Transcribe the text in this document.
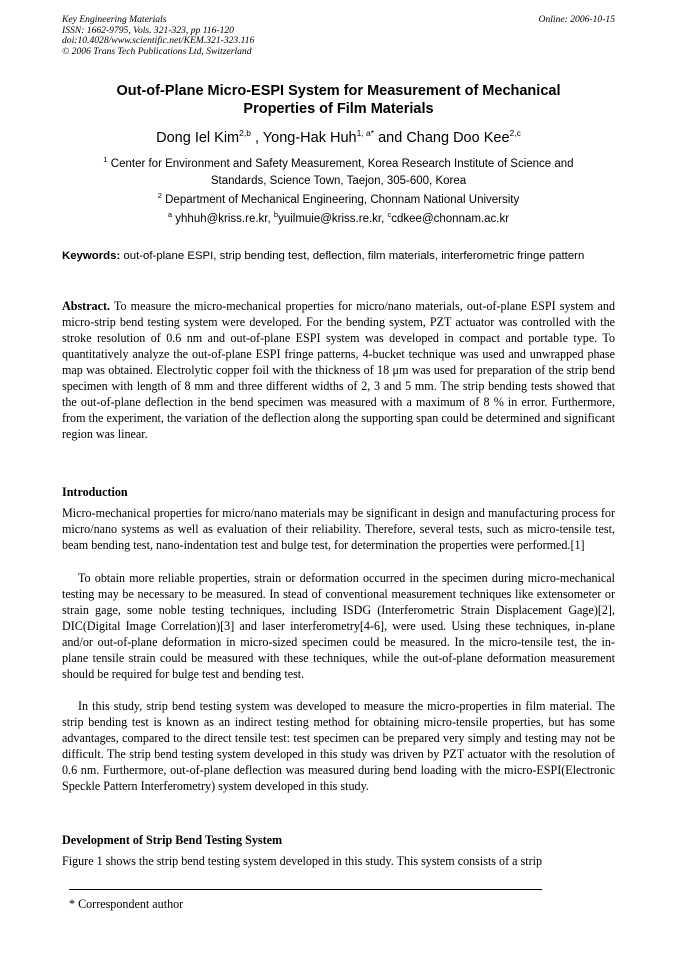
Key Engineering Materials
ISSN: 1662-9795, Vols. 321-323, pp 116-120
doi:10.4028/www.scientific.net/KEM.321-323.116
© 2006 Trans Tech Publications Ltd, Switzerland
Online: 2006-10-15
Out-of-Plane Micro-ESPI System for Measurement of Mechanical
Properties of Film Materials
Dong Iel Kim$^{2,b}$ , Yong-Hak Huh$^{1, a*}$ and Chang Doo Kee$^{2,c}$
$^1$ Center for Environment and Safety Measurement, Korea Research Institute of Science and
Standards, Science Town, Taejon, 305-600, Korea
$^2$ Department of Mechanical Engineering, Chonnam National University
$^a$ yhhuh@kriss.re.kr, $^b$yuilmuie@kriss.re.kr, $^c$cdkee@chonnam.ac.kr
Keywords: out-of-plane ESPI, strip bending test, deflection, film materials, interferometric fringe pattern
Abstract. To measure the micro-mechanical properties for micro/nano materials, out-of-plane ESPI system and micro-strip bend testing system were developed. For the bending system, PZT actuator was controlled with the stroke resolution of 0.6 nm and out-of-plane ESPI system was developed in compact and portable type. To quantitatively analyze the out-of-plane ESPI fringe patterns, 4-bucket technique was used and unwrapped phase map was obtained. Electrolytic copper foil with the thickness of 18 μm was used for preparation of the strip bend specimen with length of 8 mm and three different widths of 2, 3 and 5 mm. The strip bending tests showed that the out-of-plane deflection in the bend specimen was measured with a maximum of 8 % in error. Furthermore, from the experiment, the variation of the deflection along the supporting span could be determined and significant region was linear.
Introduction
Micro-mechanical properties for micro/nano materials may be significant in design and manufacturing process for micro/nano systems as well as evaluation of their reliability. Therefore, several tests, such as micro-tensile test, beam bending test, nano-indentation test and bulge test, for determination the properties were performed.[1]
To obtain more reliable properties, strain or deformation occurred in the specimen during micro-mechanical testing may be necessary to be measured. In stead of conventional measurement techniques like extensometer or strain gage, some noble testing techniques, including ISDG (Interferometric Strain Displacement Gage)[2], DIC(Digital Image Correlation)[3] and laser interferometry[4-6], were used. Using these techniques, in-plane and/or out-of-plane deformation in micro-sized specimen could be measured. In the micro-tensile test, the in-plane tensile strain could be measured with these techniques, while the out-of-plane deformation measurement should be required for bulge test and bending test.
In this study, strip bend testing system was developed to measure the micro-properties in film material. The strip bending test is known as an indirect testing method for obtaining micro-tensile properties, but has some advantages, compared to the direct tensile test: test specimen can be prepared very simply and testing may not be difficult. The strip bend testing system developed in this study was driven by PZT actuator with the resolution of 0.6 nm. Furthermore, out-of-plane deflection was measured during bend loading with the micro-ESPI(Electronic Speckle Pattern Interferometry) system developed in this study.
Development of Strip Bend Testing System
Figure 1 shows the strip bend testing system developed in this study. This system consists of a strip
* Correspondent author
